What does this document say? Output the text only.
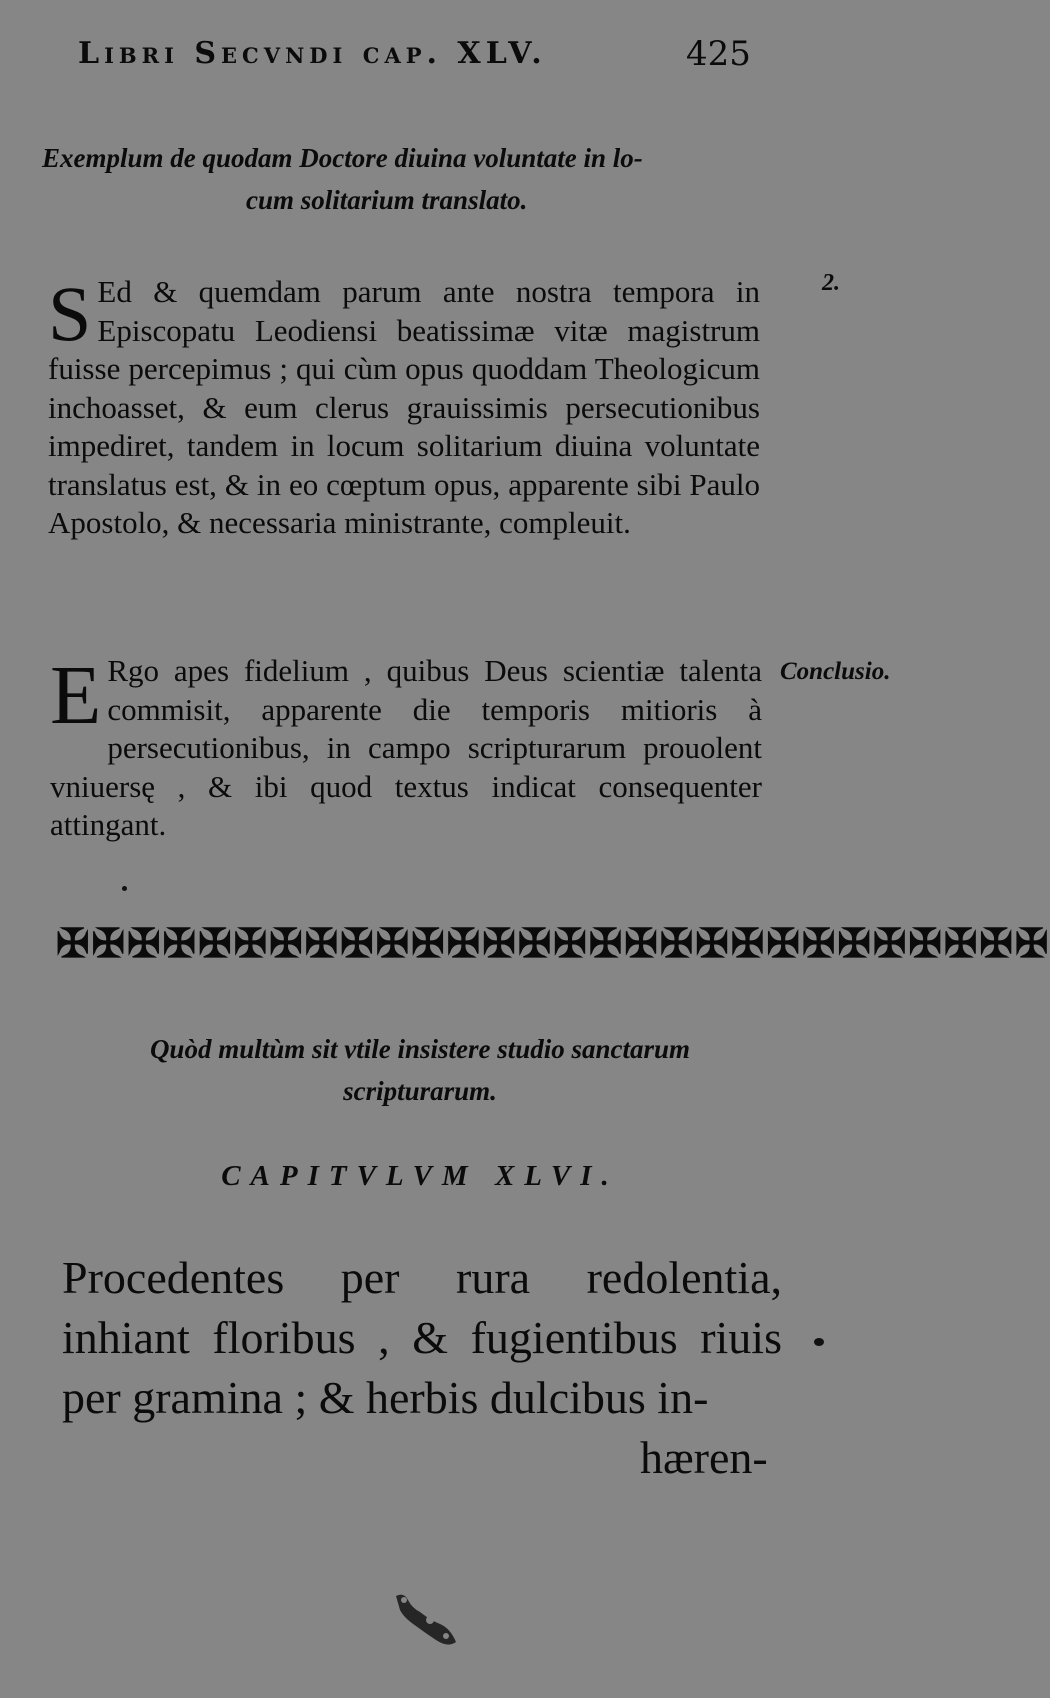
Libri Secvndi cap. XLV.	425
Exemplum de quodam Doctore diuina voluntate in lo-
cum solitarium translato.
2.
S Ed & quemdam parum ante nostra tempora in Episcopatu Leodiensi beatissimæ vitæ magistrum fuisse percepimus ; qui cùm opus quoddam Theologicum inchoasset, & eum clerus grauissimis persecutionibus impediret, tandem in locum solitarium diuina voluntate translatus est, & in eo cœptum opus, apparente sibi Paulo Apostolo, & necessaria ministrante, compleuit.
Conclusio.
E Rgo apes fidelium , quibus Deus scientiæ talenta commisit, apparente die temporis mitioris à persecutionibus, in campo scripturarum prouolent vniuersę , & ibi quod textus indicat consequenter attingant.
✠✠✠✠✠✠✠✠✠✠✠✠✠✠✠✠✠✠✠✠✠✠✠✠✠✠✠✠
Quòd multùm sit vtile insistere studio sanctarum
scripturarum.
CAPITVLVM XLVI.
Procedentes per rura redolentia, inhiant floribus , & fugientibus riuis per gramina ; & herbis dulcibus in-
hæren-
